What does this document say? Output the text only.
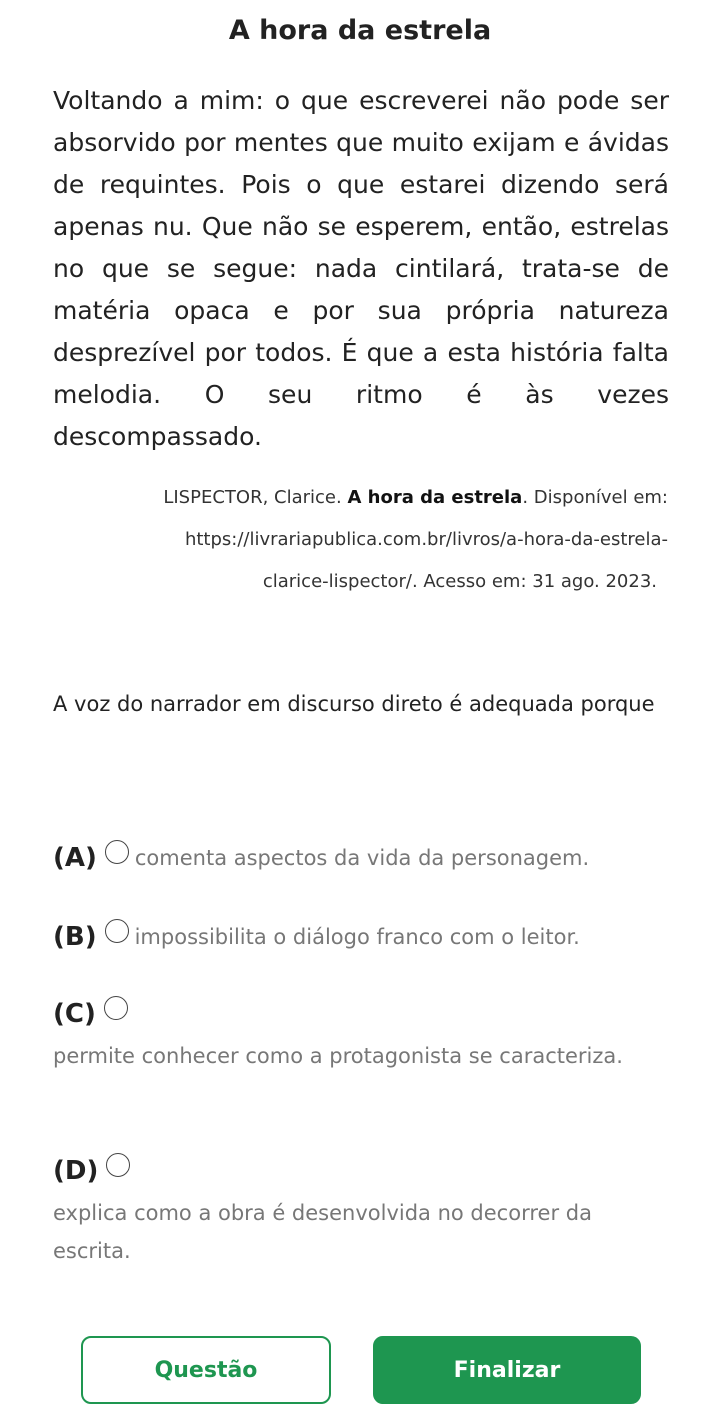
A hora da estrela

Voltando a mim: o que escreverei não pode ser absorvido por mentes que muito exijam e ávidas de requintes. Pois o que estarei dizendo será apenas nu. Que não se esperem, então, estrelas no que se segue: nada cintilará, trata-se de matéria opaca e por sua própria natureza desprezível por todos. É que a esta história falta melodia. O seu ritmo é às vezes descompassado.

LISPECTOR, Clarice. A hora da estrela. Disponível em:
https://livrariapublica.com.br/livros/a-hora-da-estrela-
clarice-lispector/. Acesso em: 31 ago. 2023.
A voz do narrador em discurso direto é adequada porque
(A) comenta aspectos da vida da personagem.
(B) impossibilita o diálogo franco com o leitor.
(C)
permite conhecer como a protagonista se caracteriza.
(D)
explica como a obra é desenvolvida no decorrer da escrita.
Questão	Finalizar
